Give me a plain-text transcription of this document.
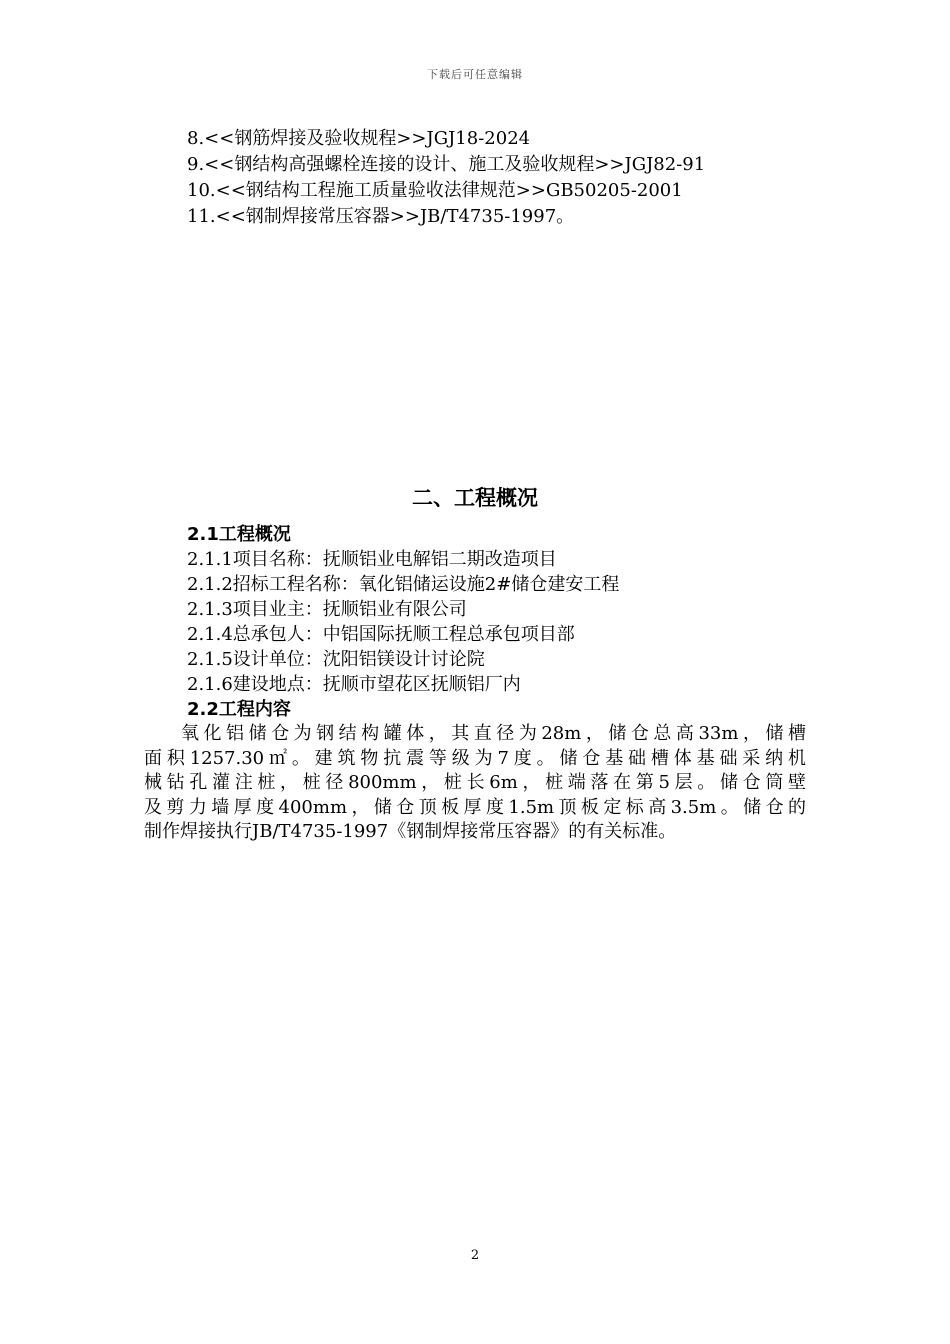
下载后可任意编辑
8.<<钢筋焊接及验收规程>>JGJ18-2024
9.<<钢结构高强螺栓连接的设计、施工及验收规程>>JGJ82-91
10.<<钢结构工程施工质量验收法律规范>>GB50205-2001
11.<<钢制焊接常压容器>>JB/T4735-1997。
二、工程概况
2.1工程概况
2.1.1项目名称：抚顺铝业电解铝二期改造项目
2.1.2招标工程名称：氧化铝储运设施2#储仓建安工程
2.1.3项目业主：抚顺铝业有限公司
2.1.4总承包人：中铝国际抚顺工程总承包项目部
2.1.5设计单位：沈阳铝镁设计讨论院
2.1.6建设地点：抚顺市望花区抚顺铝厂内
2.2工程内容
氧化铝储仓为钢结构罐体，其直径为28m，储仓总高33m，储槽
面积1257.30㎡。建筑物抗震等级为7度。储仓基础槽体基础采纳机
械钻孔灌注桩，桩径800mm，桩长6m，桩端落在第5层。储仓筒壁
及剪力墙厚度400mm，储仓顶板厚度1.5m顶板定标高3.5m。储仓的
制作焊接执行JB/T4735-1997《钢制焊接常压容器》的有关标准。
2
